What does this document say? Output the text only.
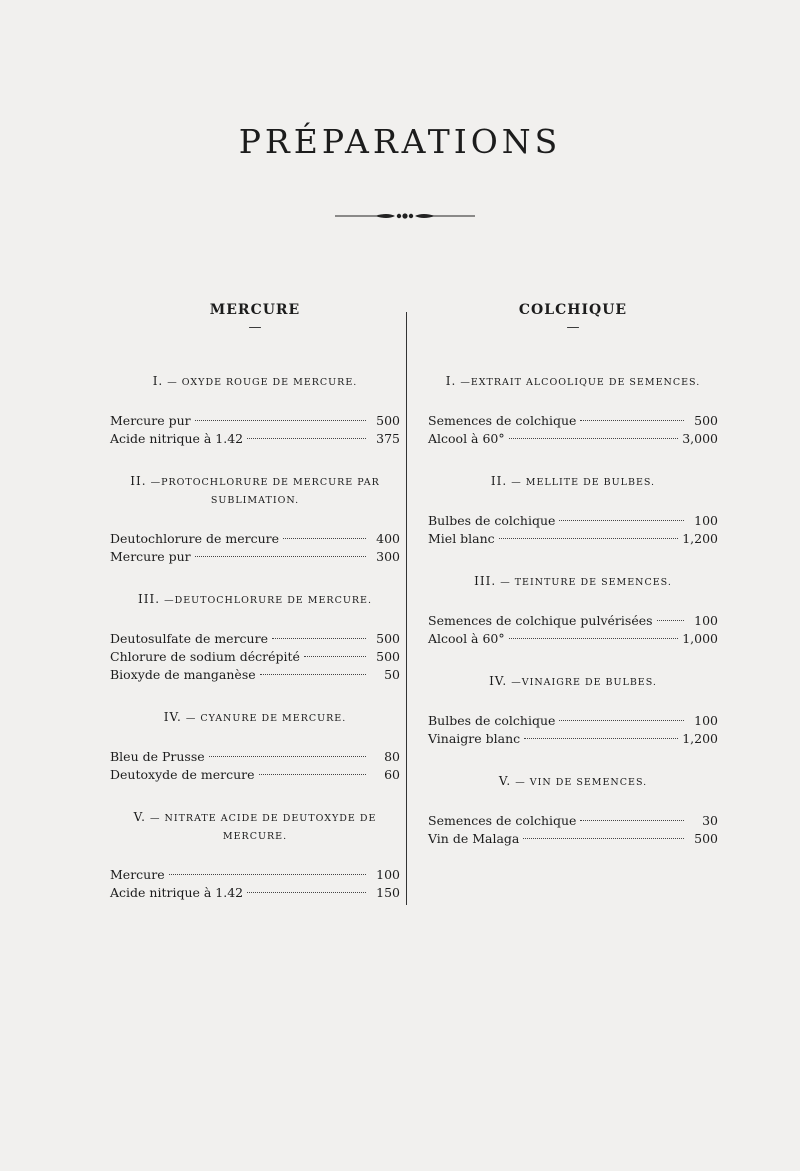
PRÉPARATIONS
MERCURE
—
I. — OXYDE ROUGE DE MERCURE.
Mercure pur	500
Acide nitrique à 1.42	375
II. —PROTOCHLORURE DE MERCURE PAR SUBLIMATION.
Deutochlorure de mercure	400
Mercure pur	300
III. —DEUTOCHLORURE DE MERCURE.
Deutosulfate de mercure	500
Chlorure de sodium décrépité	500
Bioxyde de manganèse	50
IV. — CYANURE DE MERCURE.
Bleu de Prusse	80
Deutoxyde de mercure	60
V. — NITRATE ACIDE DE DEUTOXYDE DE MERCURE.
Mercure	100
Acide nitrique à 1.42	150
COLCHIQUE
—
I. —EXTRAIT ALCOOLIQUE DE SEMENCES.
Semences de colchique	500
Alcool à 60°	3,000
II. — MELLITE DE BULBES.
Bulbes de colchique	100
Miel blanc	1,200
III. — TEINTURE DE SEMENCES.
Semences de colchique pulvérisées	100
Alcool à 60°	1,000
IV. —VINAIGRE DE BULBES.
Bulbes de colchique	100
Vinaigre blanc	1,200
V. — VIN DE SEMENCES.
Semences de colchique	30
Vin de Malaga	500
